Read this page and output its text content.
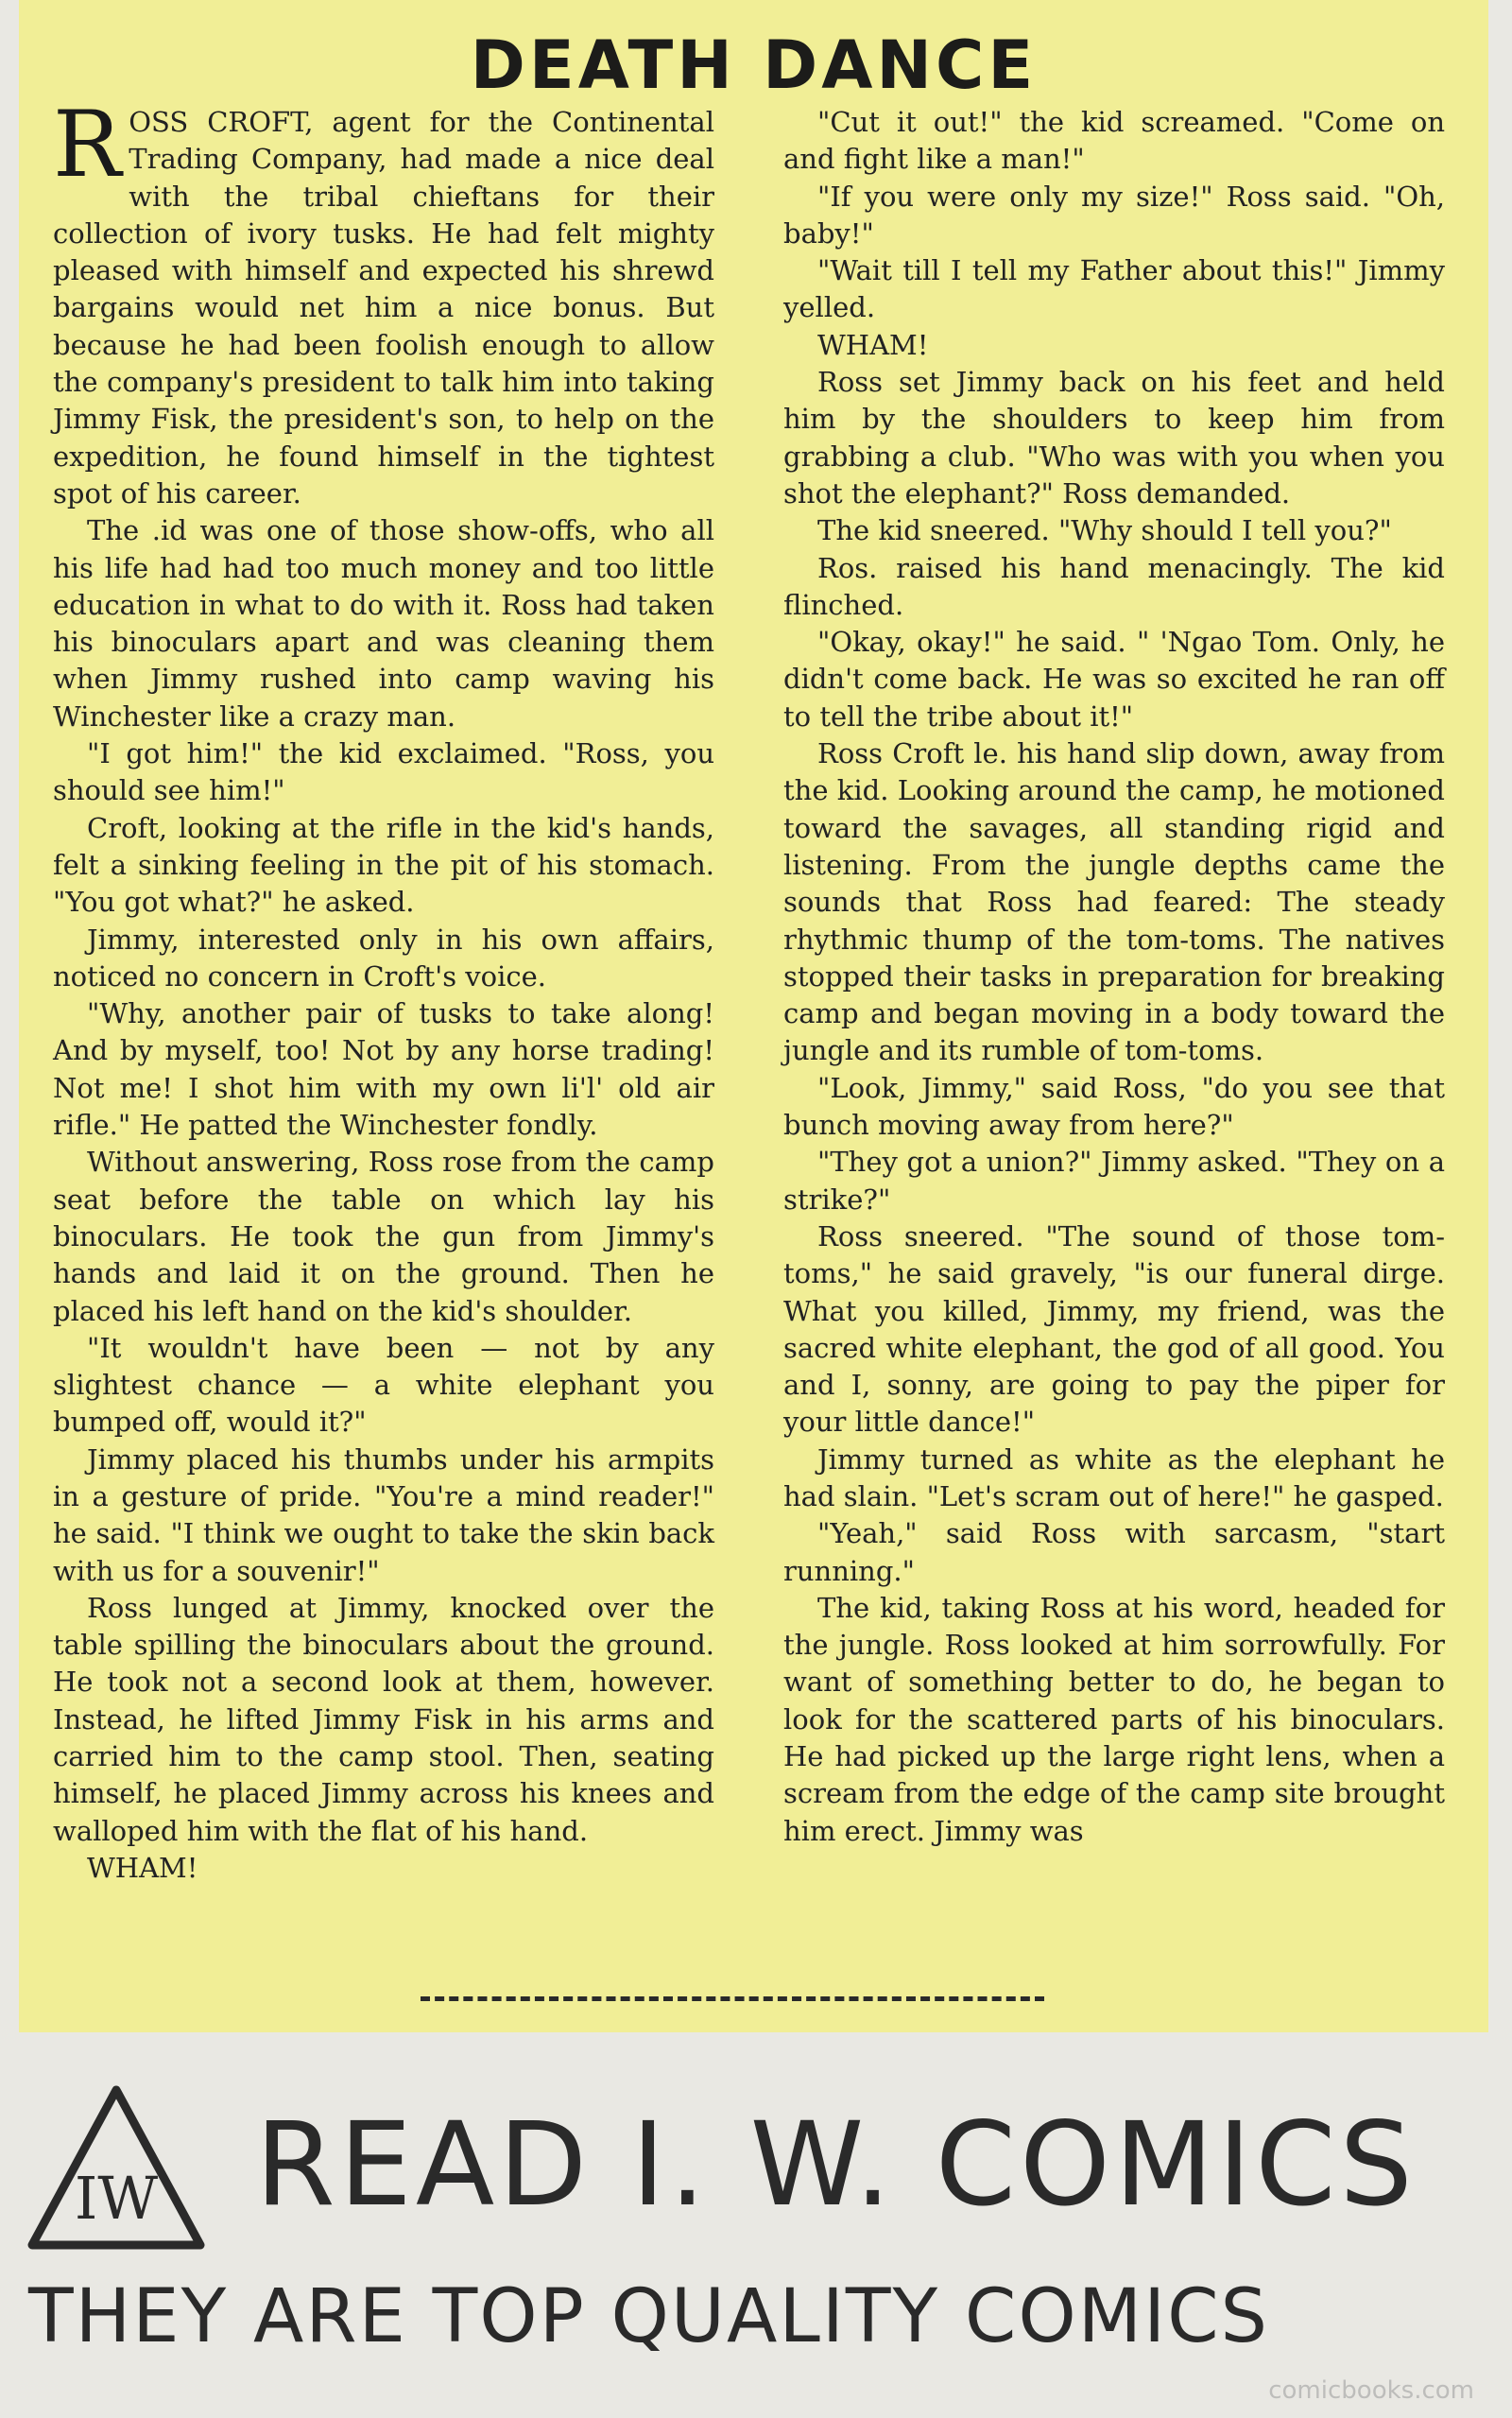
DEATH DANCE

ROSS CROFT, agent for the Continental Trading Company, had made a nice deal with the tribal chieftans for their collection of ivory tusks. He had felt mighty pleased with himself and expected his shrewd bargains would net him a nice bonus. But because he had been foolish enough to allow the company's president to talk him into taking Jimmy Fisk, the president's son, to help on the expedition, he found himself in the tightest spot of his career.

The .id was one of those show-offs, who all his life had had too much money and too little education in what to do with it. Ross had taken his binoculars apart and was cleaning them when Jimmy rushed into camp waving his Winchester like a crazy man.

"I got him!" the kid exclaimed. "Ross, you should see him!"

Croft, looking at the rifle in the kid's hands, felt a sinking feeling in the pit of his stomach. "You got what?" he asked.

Jimmy, interested only in his own affairs, noticed no concern in Croft's voice.

"Why, another pair of tusks to take along! And by myself, too! Not by any horse trading! Not me! I shot him with my own li'l' old air rifle." He patted the Winchester fondly.

Without answering, Ross rose from the camp seat before the table on which lay his binoculars. He took the gun from Jimmy's hands and laid it on the ground. Then he placed his left hand on the kid's shoulder.

"It wouldn't have been — not by any slightest chance — a white elephant you bumped off, would it?"

Jimmy placed his thumbs under his armpits in a gesture of pride. "You're a mind reader!" he said. "I think we ought to take the skin back with us for a souvenir!"

Ross lunged at Jimmy, knocked over the table spilling the binoculars about the ground. He took not a second look at them, however. Instead, he lifted Jimmy Fisk in his arms and carried him to the camp stool. Then, seating himself, he placed Jimmy across his knees and walloped him with the flat of his hand.

WHAM!

"Cut it out!" the kid screamed. "Come on and fight like a man!"

"If you were only my size!" Ross said. "Oh, baby!"

"Wait till I tell my Father about this!" Jimmy yelled.

WHAM!

Ross set Jimmy back on his feet and held him by the shoulders to keep him from grabbing a club. "Who was with you when you shot the elephant?" Ross demanded.

The kid sneered. "Why should I tell you?"

Ros. raised his hand menacingly. The kid flinched.

"Okay, okay!" he said. " 'Ngao Tom. Only, he didn't come back. He was so excited he ran off to tell the tribe about it!"

Ross Croft le. his hand slip down, away from the kid. Looking around the camp, he motioned toward the savages, all standing rigid and listening. From the jungle depths came the sounds that Ross had feared: The steady rhythmic thump of the tom-toms. The natives stopped their tasks in preparation for breaking camp and began moving in a body toward the jungle and its rumble of tom-toms.

"Look, Jimmy," said Ross, "do you see that bunch moving away from here?"

"They got a union?" Jimmy asked. "They on a strike?"

Ross sneered. "The sound of those tom-toms," he said gravely, "is our funeral dirge. What you killed, Jimmy, my friend, was the sacred white elephant, the god of all good. You and I, sonny, are going to pay the piper for your little dance!"

Jimmy turned as white as the elephant he had slain. "Let's scram out of here!" he gasped.

"Yeah," said Ross with sarcasm, "start running."

The kid, taking Ross at his word, headed for the jungle. Ross looked at him sorrowfully. For want of something better to do, he began to look for the scattered parts of his binoculars. He had picked up the large right lens, when a scream from the edge of the camp site brought him erect. Jimmy was

IW READ I. W. COMICS
THEY ARE TOP QUALITY COMICS
comicbooks.com
